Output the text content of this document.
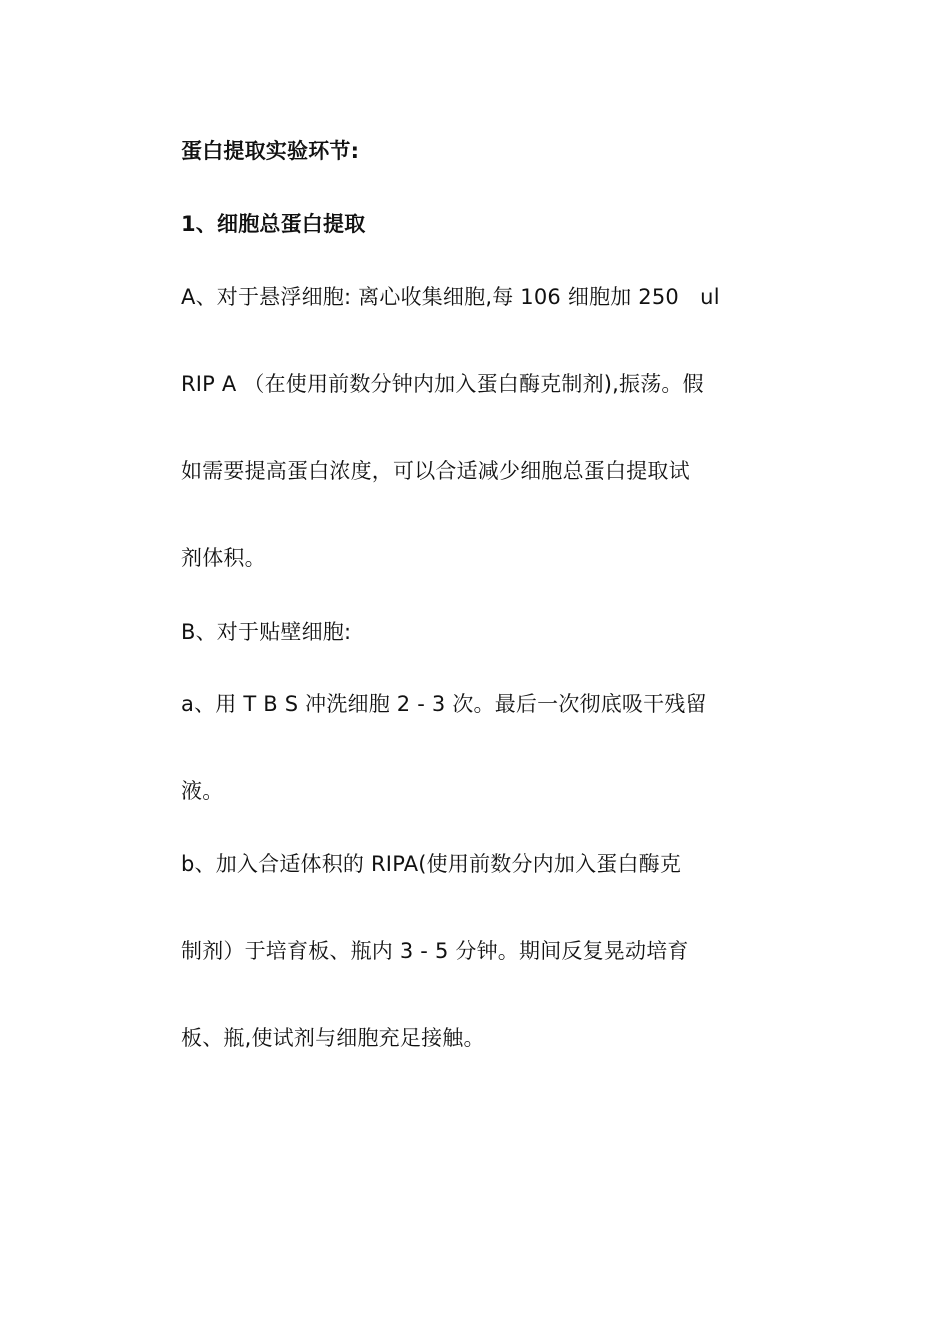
蛋白提取实验环节:
1、细胞总蛋白提取
A、对于悬浮细胞: 离心收集细胞,每 106 细胞加 250　ul
RIP A （在使用前数分钟内加入蛋白酶克制剂),振荡。假
如需要提高蛋白浓度，可以合适减少细胞总蛋白提取试
剂体积。
B、对于贴壁细胞:
a、用 T B S 冲洗细胞 2 - 3 次。最后一次彻底吸干残留
液。
b、加入合适体积的 RIPA(使用前数分内加入蛋白酶克
制剂）于培育板、瓶内 3 - 5 分钟。期间反复晃动培育
板、瓶,使试剂与细胞充足接触。
